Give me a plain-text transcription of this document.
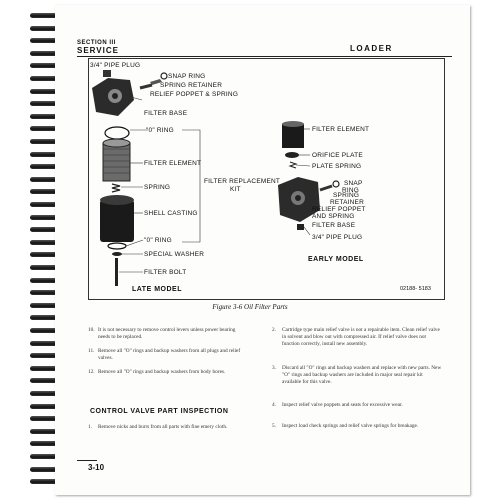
SECTION III
SERVICE	LOADER
3/4" PIPE PLUG
SNAP RING
SPRING RETAINER
RELIEF POPPET & SPRING
FILTER BASE
"0" RING
FILTER ELEMENT
SPRING
SHELL CASTING
"0" RING
SPECIAL WASHER
FILTER BOLT
FILTER REPLACEMENT
KIT
LATE MODEL
FILTER ELEMENT
ORIFICE PLATE
PLATE SPRING
SNAP
RING
SPRING
RETAINER
RELIEF POPPET
AND SPRING
FILTER BASE
3/4" PIPE PLUG
EARLY MODEL
02188- 5183
Figure 3-6 Oil Filter Parts
10. It is not necessary to remove control levers unless power bearing needs to be replaced.
11. Remove all "O" rings and backup washers from all plugs and relief valves.
12. Remove all "O" rings and backup washers from body bores.
CONTROL VALVE PART INSPECTION
1. Remove nicks and burrs from all parts with fine emery cloth.
2. Cartridge type main relief valve is not a repairable item. Clean relief valve in solvent and blow out with compressed air. If relief valve does not function correctly, install new assembly.
3. Discard all "O" rings and backup washers and replace with new parts. New "O" rings and backup washers are included in major seal repair kit available for this valve.
4. Inspect relief valve poppets and seats for excessive wear.
5. Inspect load check springs and relief valve springs for breakage.
3-10
